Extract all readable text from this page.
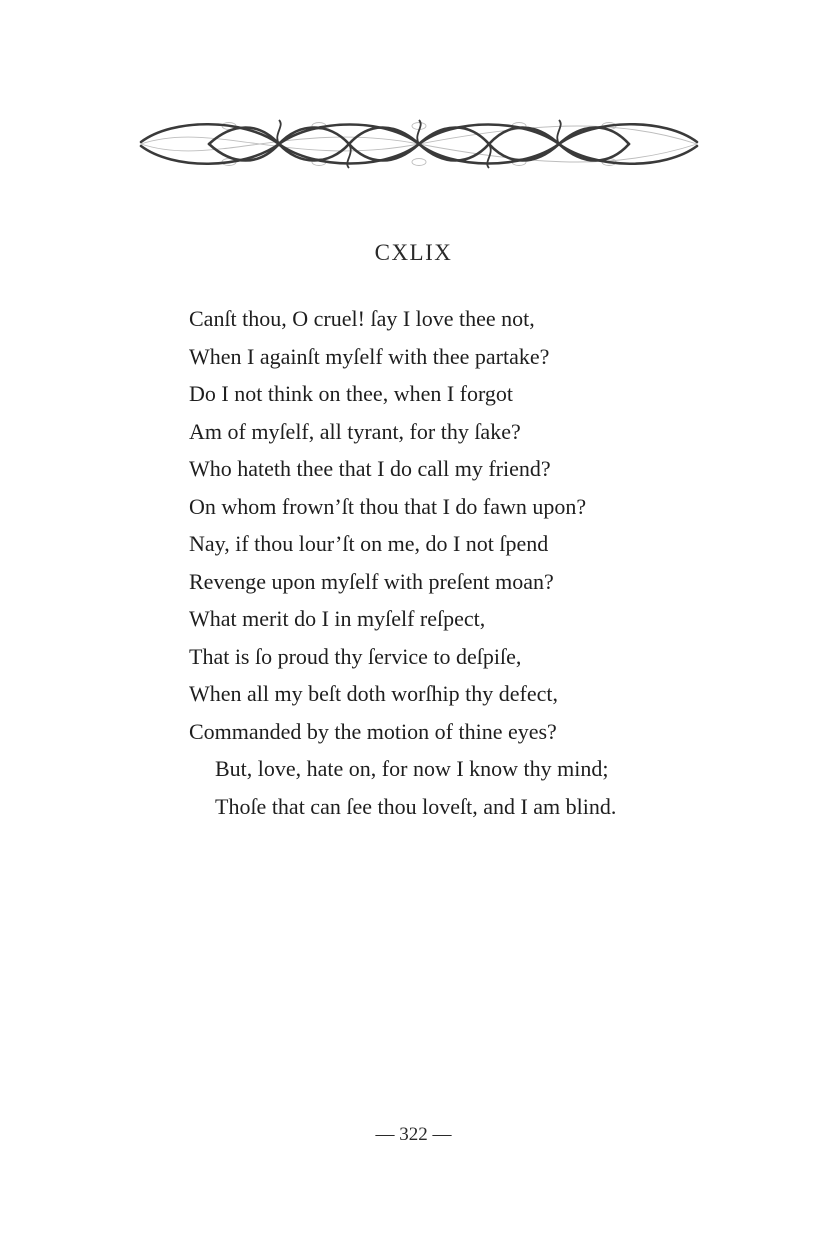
CXLIX
Canſt thou, O cruel! ſay I love thee not,
When I againſt myſelf with thee partake?
Do I not think on thee, when I forgot
Am of myſelf, all tyrant, for thy ſake?
Who hateth thee that I do call my friend?
On whom frown’ſt thou that I do fawn upon?
Nay, if thou lour’ſt on me, do I not ſpend
Revenge upon myſelf with preſent moan?
What merit do I in myſelf reſpect,
That is ſo proud thy ſervice to deſpiſe,
When all my beſt doth worſhip thy defect,
Commanded by the motion of thine eyes?
But, love, hate on, for now I know thy mind;
Thoſe that can ſee thou loveſt, and I am blind.
— 322 —
